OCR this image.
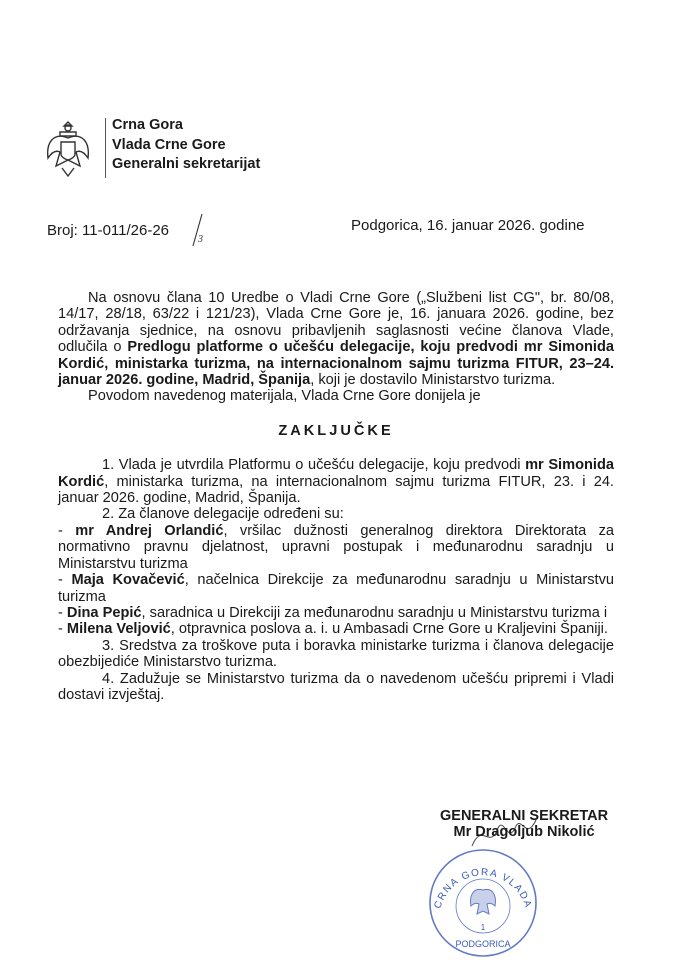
Crna Gora
Vlada Crne Gore
Generalni sekretarijat
Broj: 11-011/26-26
3
Podgorica, 16. januar 2026. godine

Na osnovu člana 10 Uredbe o Vladi Crne Gore („Službeni list CG", br. 80/08, 14/17, 28/18, 63/22 i 121/23), Vlada Crne Gore je, 16. januara 2026. godine, bez održavanja sjednice, na osnovu pribavljenih saglasnosti većine članova Vlade, odlučila o Predlogu platforme o učešću delegacije, koju predvodi mr Simonida Kordić, ministarka turizma, na internacionalnom sajmu turizma FITUR, 23–24. januar 2026. godine, Madrid, Španija, koji je dostavilo Ministarstvo turizma.

Povodom navedenog materijala, Vlada Crne Gore donijela je

ZAKLJUČKE

1. Vlada je utvrdila Platformu o učešću delegacije, koju predvodi mr Simonida Kordić, ministarka turizma, na internacionalnom sajmu turizma FITUR, 23. i 24. januar 2026. godine, Madrid, Španija.

2. Za članove delegacije određeni su:

- mr Andrej Orlandić, vršilac dužnosti generalnog direktora Direktorata za normativno pravnu djelatnost, upravni postupak i međunarodnu saradnju u Ministarstvu turizma

- Maja Kovačević, načelnica Direkcije za međunarodnu saradnju u Ministarstvu turizma

- Dina Pepić, saradnica u Direkciji za međunarodnu saradnju u Ministarstvu turizma i

- Milena Veljović, otpravnica poslova a. i. u Ambasadi Crne Gore u Kraljevini Španiji.

3. Sredstva za troškove puta i boravka ministarke turizma i članova delegacije obezbijediće Ministarstvo turizma.

4. Zadužuje se Ministarstvo turizma da o navedenom učešću pripremi i Vladi dostavi izvještaj.

CRNA GORA VLADA
1
PODGORICA
GENERALNI SEKRETAR
Mr Dragoljub Nikolić
